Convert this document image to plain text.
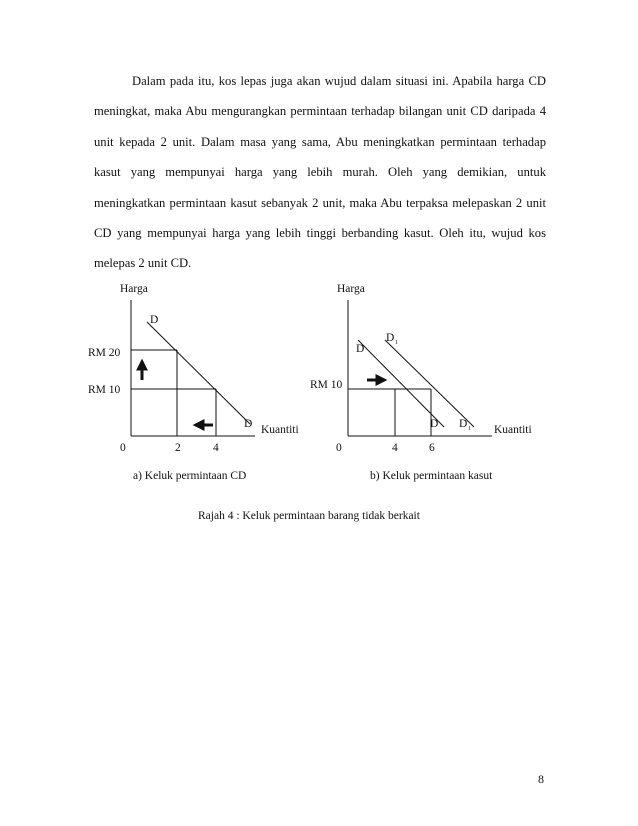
Dalam pada itu, kos lepas juga akan wujud dalam situasi ini. Apabila harga CD meningkat, maka Abu mengurangkan permintaan terhadap bilangan unit CD daripada 4 unit kepada 2 unit. Dalam masa yang sama, Abu meningkatkan permintaan terhadap kasut yang mempunyai harga yang lebih murah. Oleh yang demikian, untuk meningkatkan permintaan kasut sebanyak 2 unit, maka Abu terpaksa melepaskan 2 unit CD yang mempunyai harga yang lebih tinggi berbanding kasut. Oleh itu, wujud kos melepas 2 unit CD.

Harga
D
D Kuantiti
RM 20
RM 10
0	2	4
a) Keluk permintaan CD
Harga
D
D 1
D D 1 Kuantiti
RM 10
0	4	6
b) Keluk permintaan kasut
Rajah 4 : Keluk permintaan barang tidak berkait
8
